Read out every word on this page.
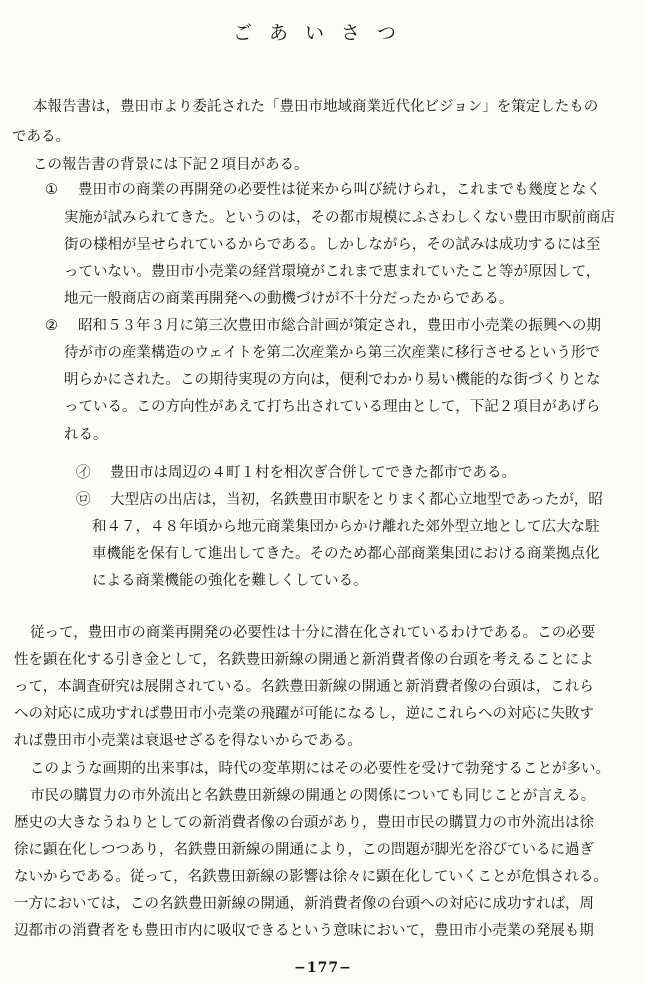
ごあいさつ
本報告書は，豊田市より委託された「豊田市地域商業近代化ビジョン」を策定したもの
である。
この報告書の背景には下記２項目がある。
① 豊田市の商業の再開発の必要性は従来から叫び続けられ，これまでも幾度となく
実施が試みられてきた。というのは，その都市規模にふさわしくない豊田市駅前商店
街の様相が呈せられているからである。しかしながら，その試みは成功するには至
っていない。豊田市小売業の経営環境がこれまで恵まれていたこと等が原因して，
地元一般商店の商業再開発への動機づけが不十分だったからである。
② 昭和５３年３月に第三次豊田市総合計画が策定され，豊田市小売業の振興への期
待が市の産業構造のウェイトを第二次産業から第三次産業に移行させるという形で
明らかにされた。この期待実現の方向は，便利でわかり易い機能的な街づくりとな
っている。この方向性があえて打ち出されている理由として，下記２項目があげら
れる。
㋑ 豊田市は周辺の４町１村を相次ぎ合併してできた都市である。
㋺ 大型店の出店は，当初，名鉄豊田市駅をとりまく都心立地型であったが，昭
和４７，４８年頃から地元商業集団からかけ離れた郊外型立地として広大な駐
車機能を保有して進出してきた。そのため都心部商業集団における商業拠点化
による商業機能の強化を難しくしている。
従って，豊田市の商業再開発の必要性は十分に潜在化されているわけである。この必要
性を顕在化する引き金として，名鉄豊田新線の開通と新消費者像の台頭を考えることによ
って，本調査研究は展開されている。名鉄豊田新線の開通と新消費者像の台頭は，これら
への対応に成功すれば豊田市小売業の飛躍が可能になるし，逆にこれらへの対応に失敗す
れば豊田市小売業は衰退せざるを得ないからである。
このような画期的出来事は，時代の変革期にはその必要性を受けて勃発することが多い。
市民の購買力の市外流出と名鉄豊田新線の開通との関係についても同じことが言える。
歴史の大きなうねりとしての新消費者像の台頭があり，豊田市民の購買力の市外流出は徐
徐に顕在化しつつあり，名鉄豊田新線の開通により，この問題が脚光を浴びているに過ぎ
ないからである。従って，名鉄豊田新線の影響は徐々に顕在化していくことが危惧される。
一方においては，この名鉄豊田新線の開通，新消費者像の台頭への対応に成功すれば，周
辺都市の消費者をも豊田市内に吸収できるという意味において，豊田市小売業の発展も期
−177−
